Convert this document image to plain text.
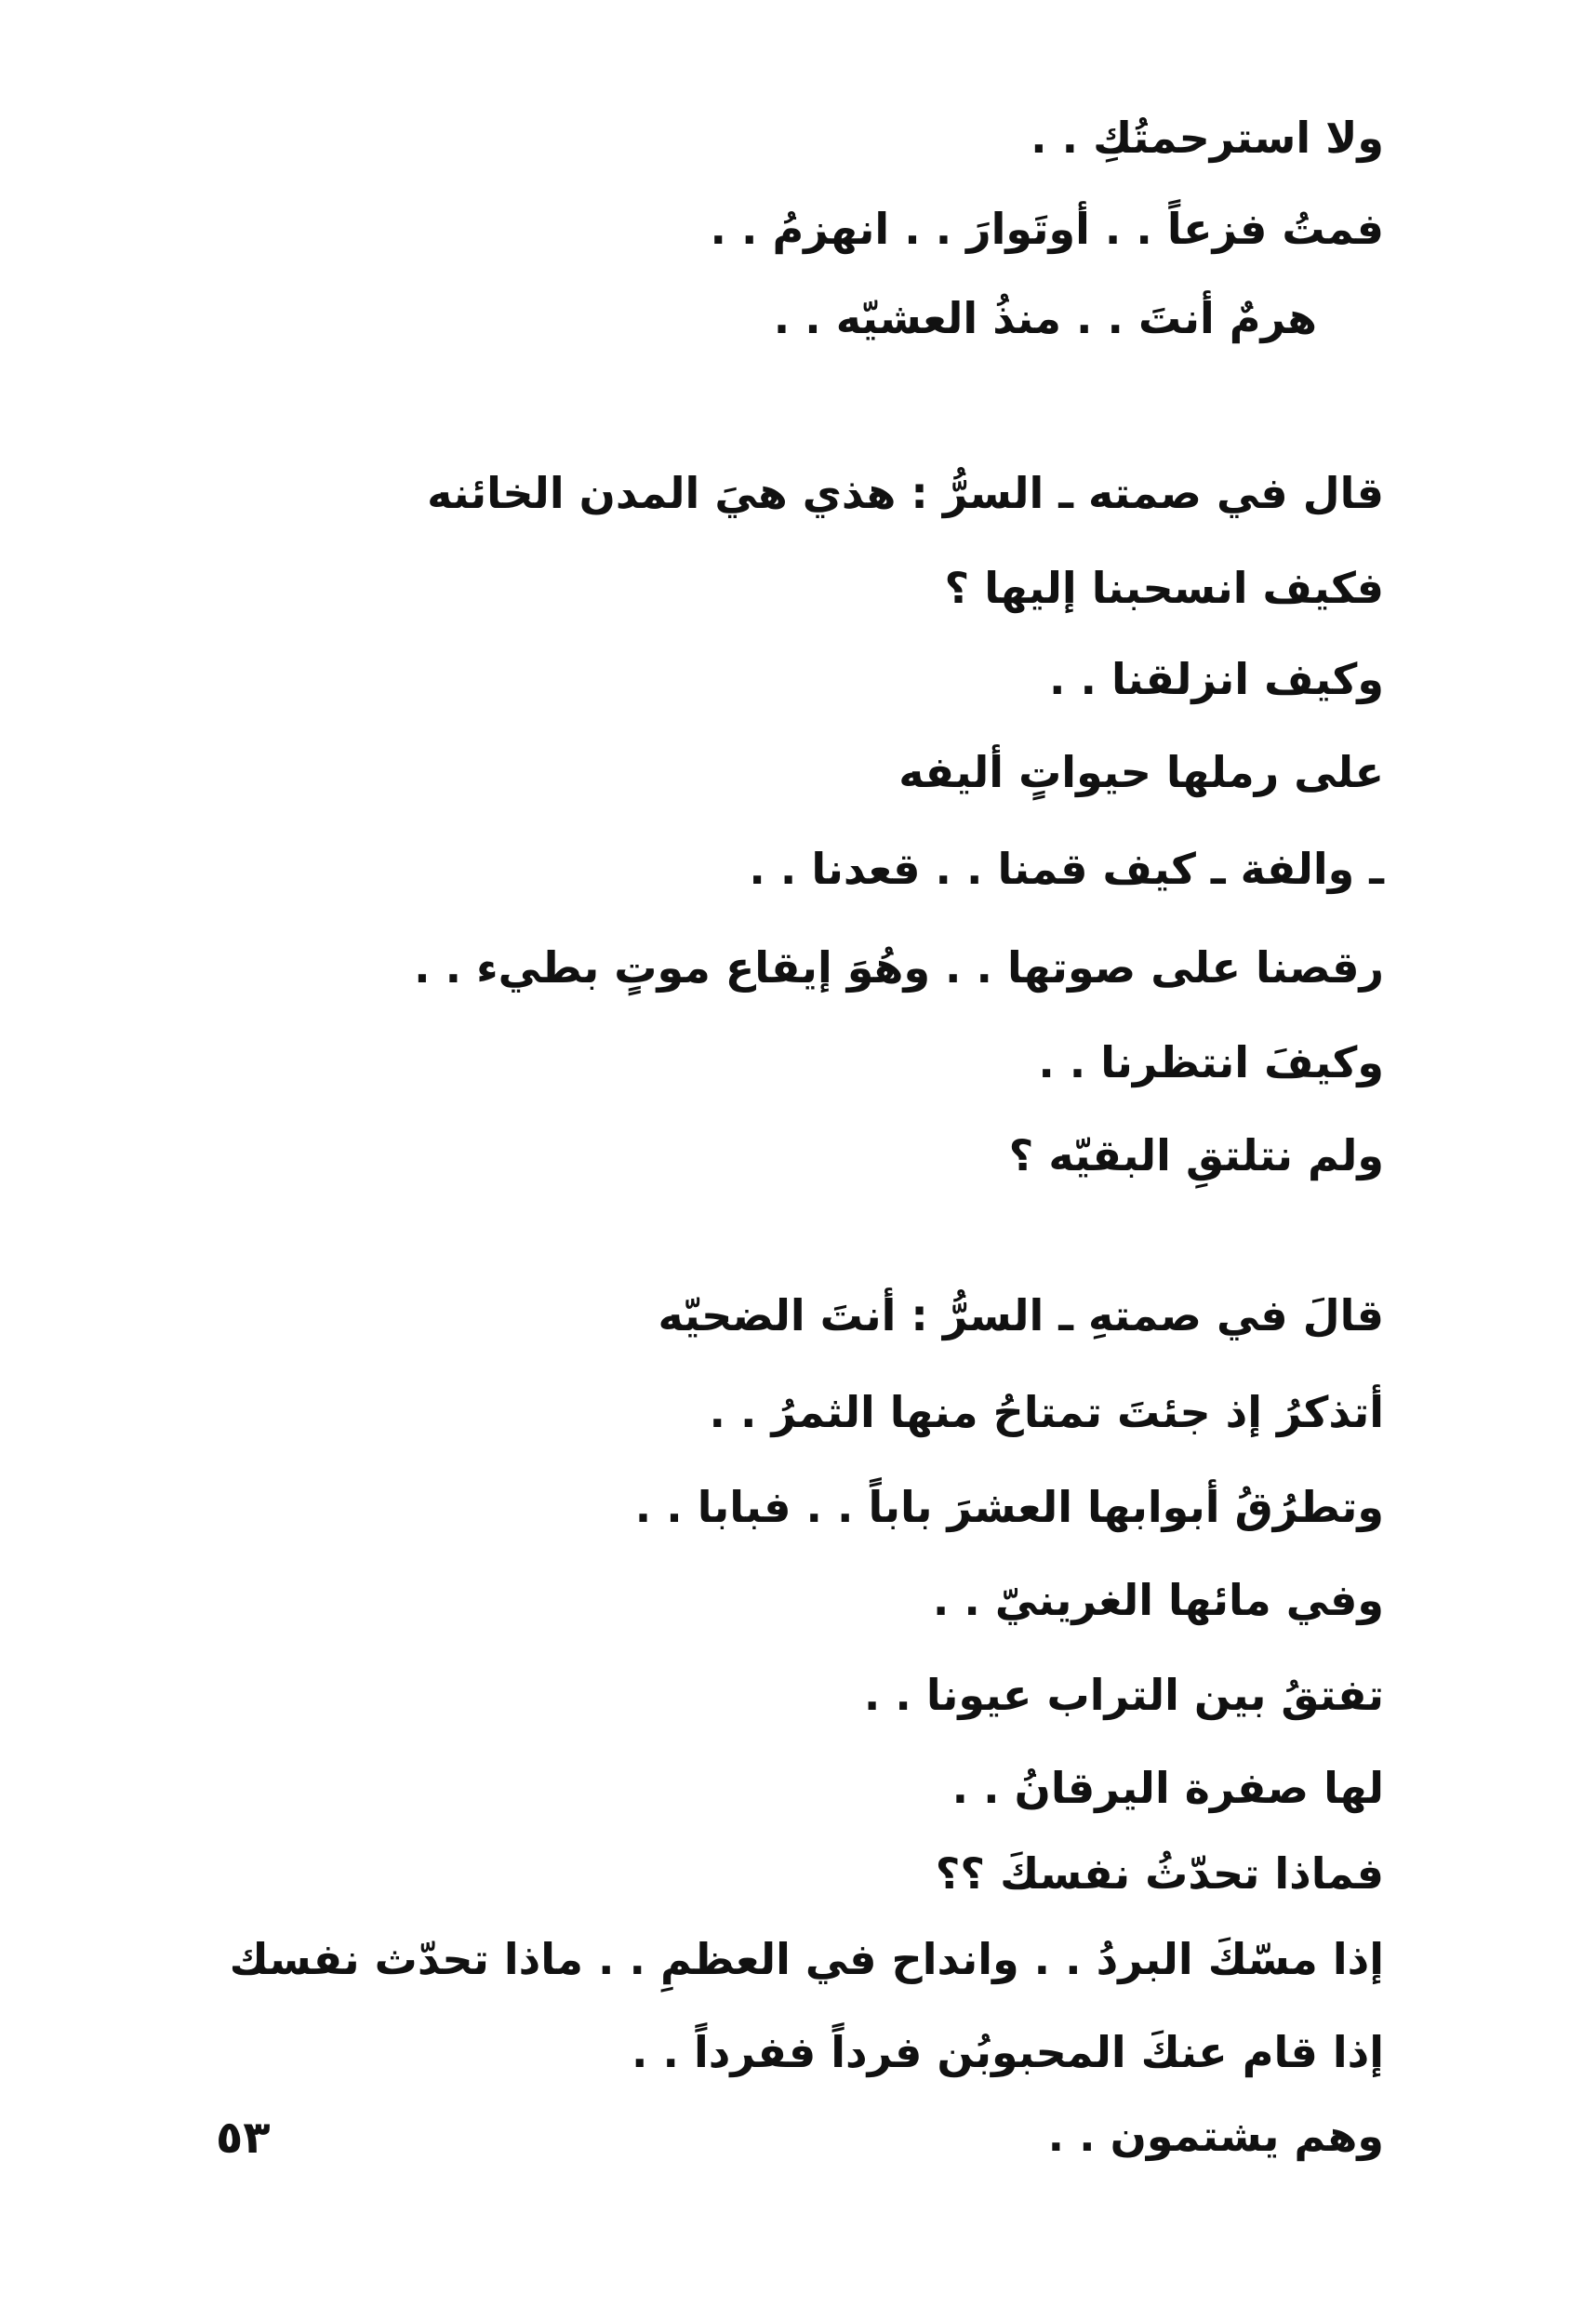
ولا استرحمتُكِ . .
فمتُ فزعاً . . أوتَوارَ . . انهزمُ . .
هرمٌ أنتَ . . منذُ العشيّه . .
قال في صمته ـ السرُّ : هذي هيَ المدن الخائنه
فكيف انسحبنا إليها ؟
وكيف انزلقنا . .
على رملها حيواتٍ أليفه
ـ والفة ـ كيف قمنا . . قعدنا . .
رقصنا على صوتها . . وهُوَ إيقاع موتٍ بطيء . .
وكيفَ انتظرنا . .
ولم نتلتقِ البقيّه ؟
قالَ في صمتهِ ـ السرُّ : أنتَ الضحيّه
أتذكرُ إذ جئتَ تمتاحُ منها الثمرُ . .
وتطرُقُ أبوابها العشرَ باباً . . فبابا . .
وفي مائها الغرينيّ . .
تفتقُ بين التراب عيونا . .
لها صفرة اليرقانُ . .
فماذا تحدّثُ نفسكَ ؟؟
إذا مسّكَ البردُ . . وانداح في العظمِ . . ماذا تحدّث نفسك
إذا قام عنكَ المحبوبُن فرداً ففرداً . .
وهم يشتمون . .
٥٣
